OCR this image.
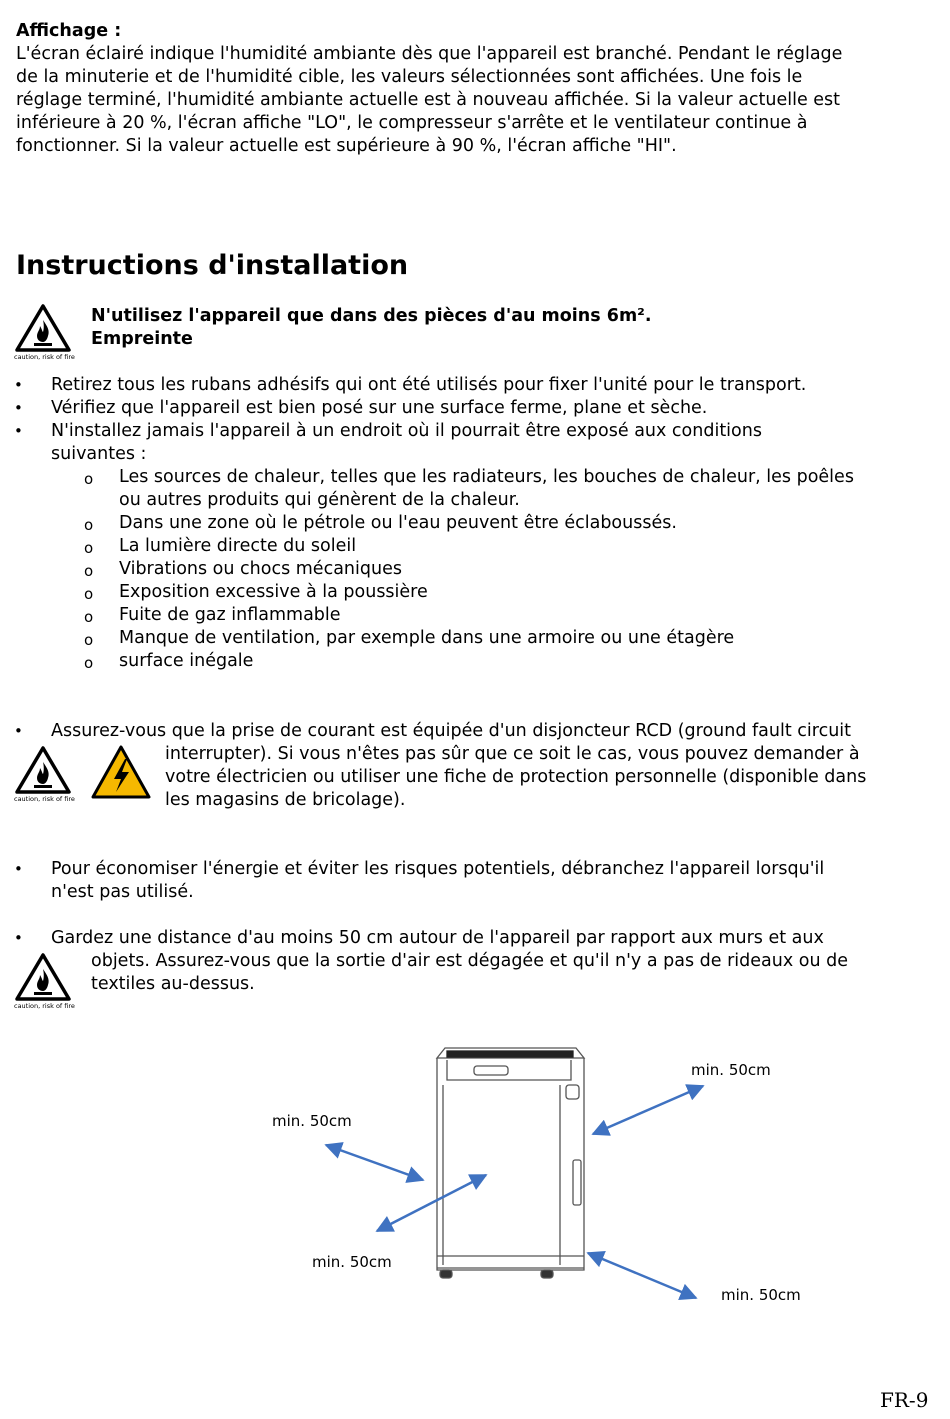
Affichage :
L'écran éclairé indique l'humidité ambiante dès que l'appareil est branché. Pendant le réglage
de la minuterie et de l'humidité cible, les valeurs sélectionnées sont affichées. Une fois le
réglage terminé, l'humidité ambiante actuelle est à nouveau affichée. Si la valeur actuelle est
inférieure à 20 %, l'écran affiche "LO", le compresseur s'arrête et le ventilateur continue à
fonctionner. Si la valeur actuelle est supérieure à 90 %, l'écran affiche "HI".
Instructions d'installation
caution, risk of fire
N'utilisez l'appareil que dans des pièces d'au moins 6m².
Empreinte
• Retirez tous les rubans adhésifs qui ont été utilisés pour fixer l'unité pour le transport.
• Vérifiez que l'appareil est bien posé sur une surface ferme, plane et sèche.
• N'installez jamais l'appareil à un endroit où il pourrait être exposé aux conditions
suivantes :
o Les sources de chaleur, telles que les radiateurs, les bouches de chaleur, les poêles
ou autres produits qui génèrent de la chaleur.
o Dans une zone où le pétrole ou l'eau peuvent être éclaboussés.
o La lumière directe du soleil
o Vibrations ou chocs mécaniques
o Exposition excessive à la poussière
o Fuite de gaz inflammable
o Manque de ventilation, par exemple dans une armoire ou une étagère
o surface inégale
• Assurez-vous que la prise de courant est équipée d'un disjoncteur RCD (ground fault circuit
interrupter). Si vous n'êtes pas sûr que ce soit le cas, vous pouvez demander à
votre électricien ou utiliser une fiche de protection personnelle (disponible dans
les magasins de bricolage).
caution, risk of fire
• Pour économiser l'énergie et éviter les risques potentiels, débranchez l'appareil lorsqu'il
n'est pas utilisé.
• Gardez une distance d'au moins 50 cm autour de l'appareil par rapport aux murs et aux
objets. Assurez-vous que la sortie d'air est dégagée et qu'il n'y a pas de rideaux ou de
textiles au-dessus.
caution, risk of fire
min. 50cm
min. 50cm
min. 50cm
min. 50cm
FR-9
